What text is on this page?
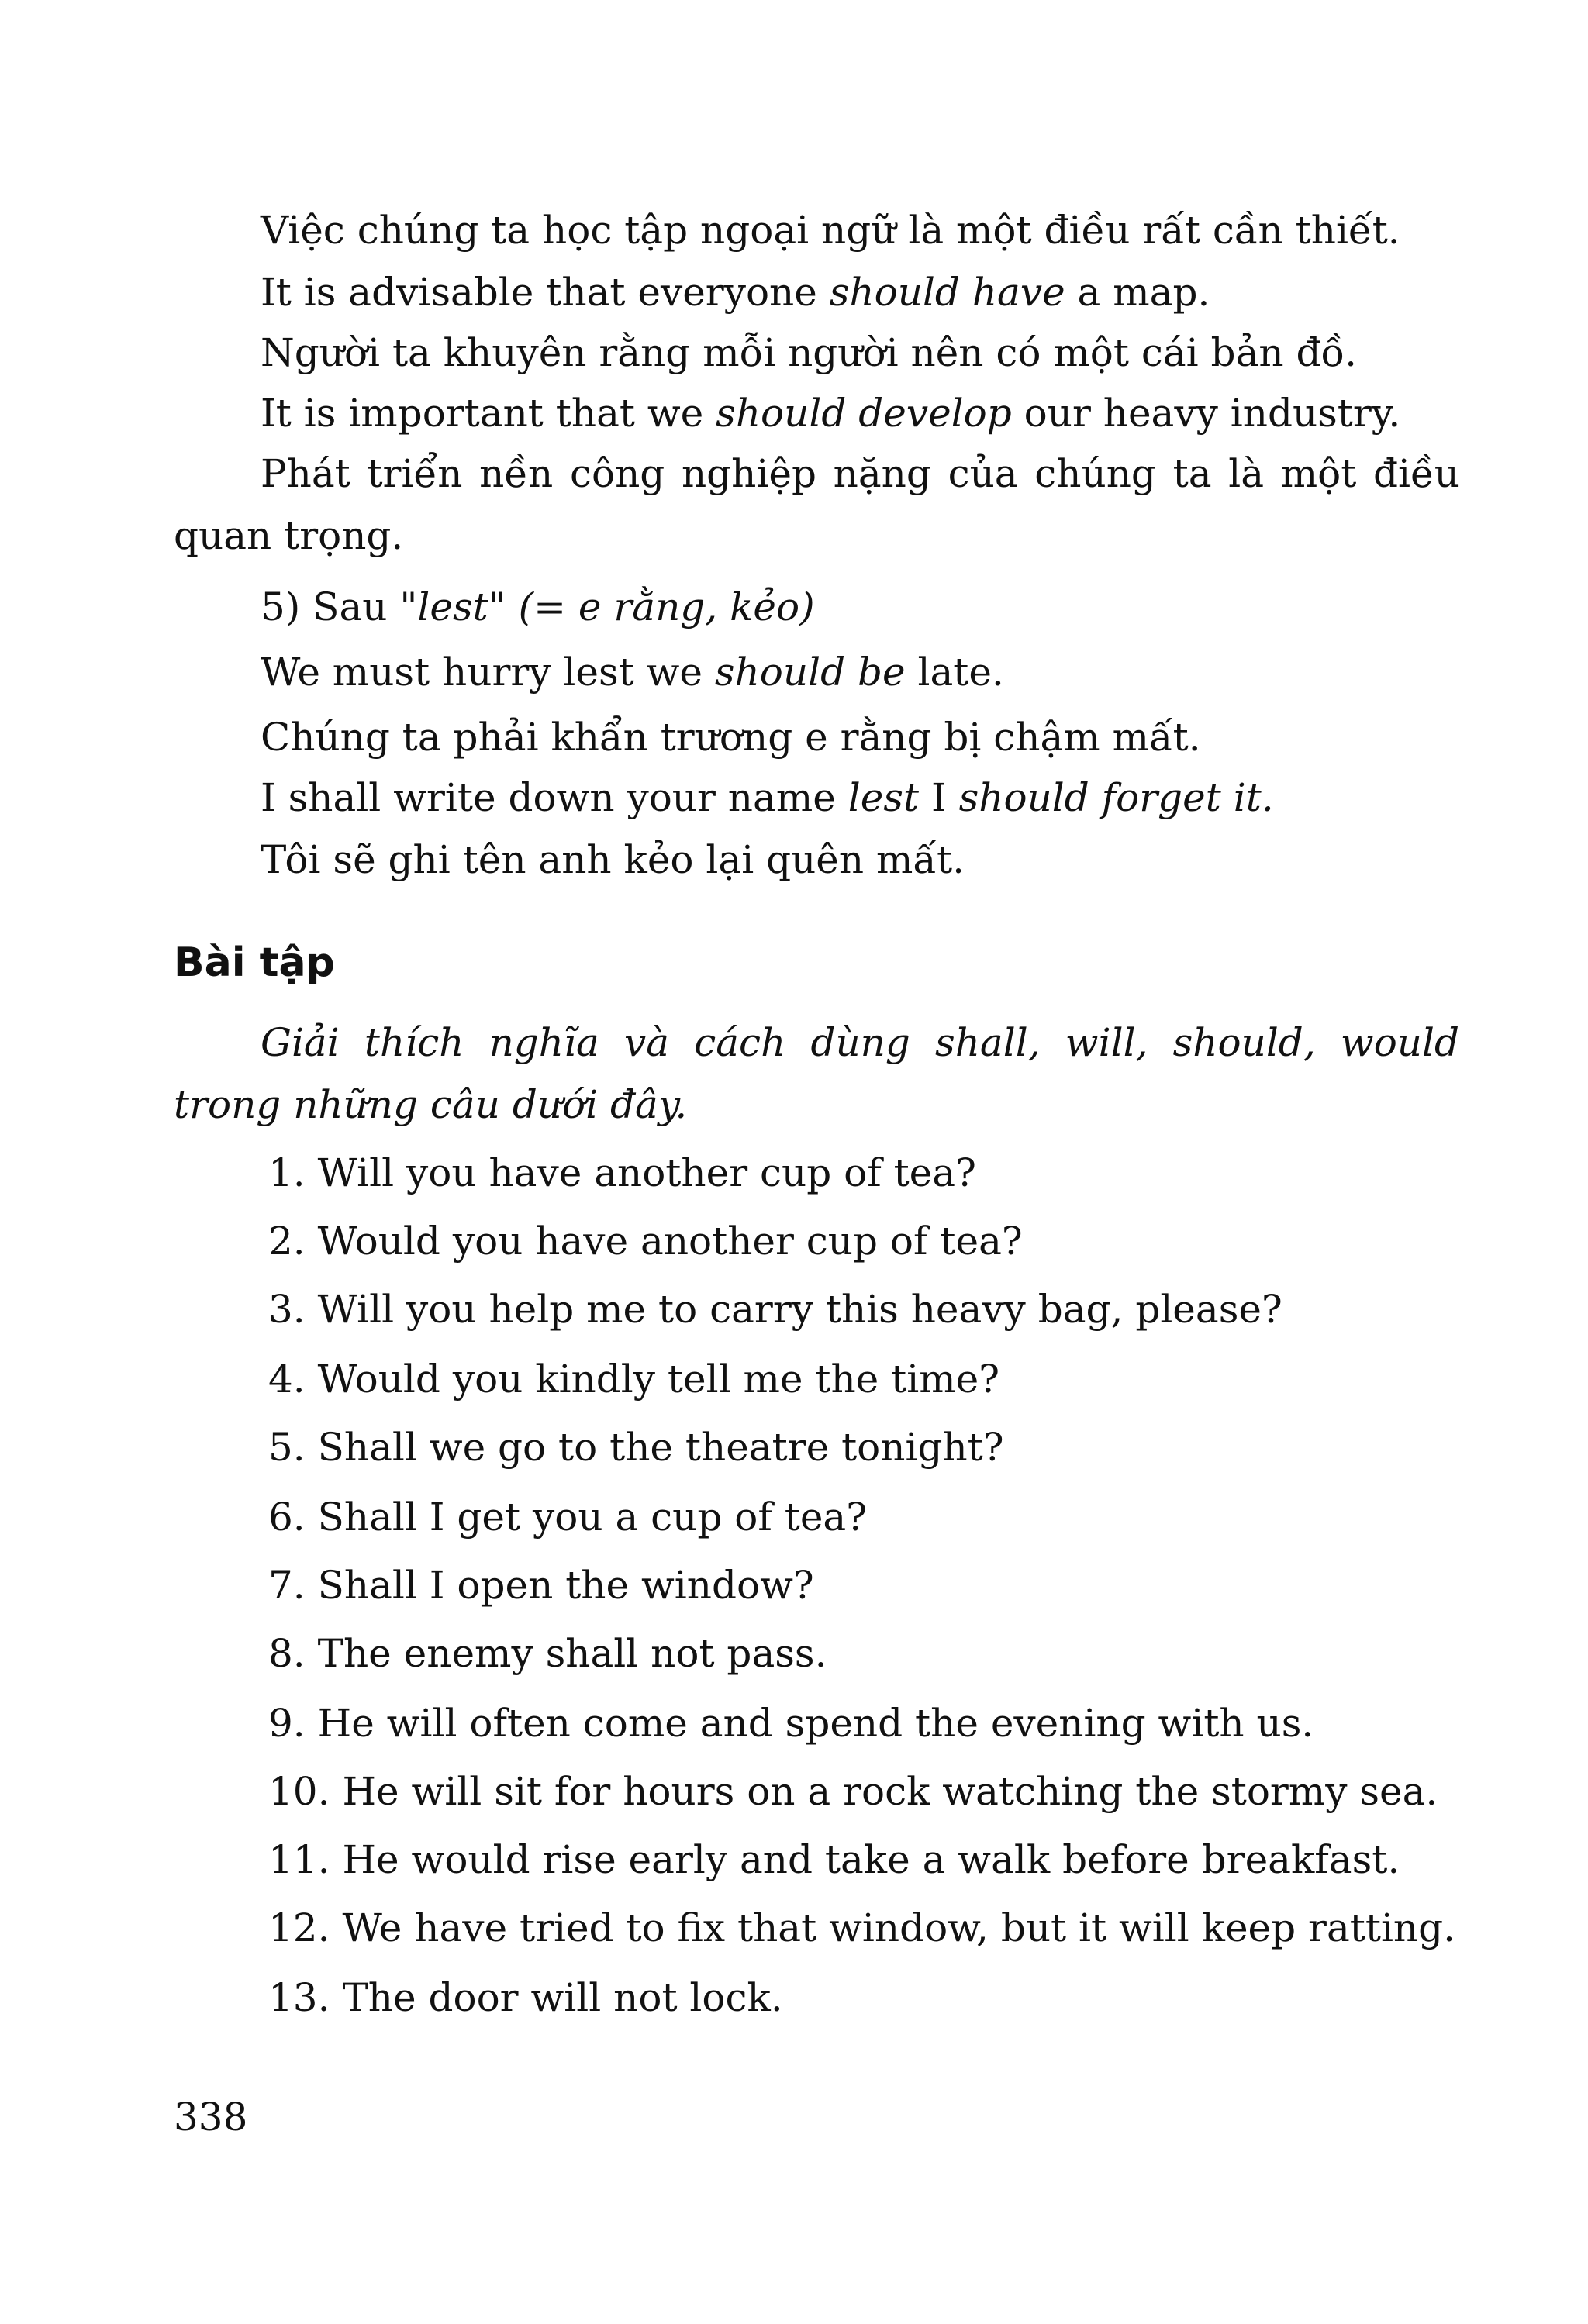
Việc chúng ta học tập ngoại ngữ là một điều rất cần thiết.
It is advisable that everyone should have a map.
Người ta khuyên rằng mỗi người nên có một cái bản đồ.
It is important that we should develop our heavy industry.
Phát triển nền công nghiệp nặng của chúng ta là một điều
quan trọng.
5) Sau "lest" (= e rằng, kẻo)
We must hurry lest we should be late.
Chúng ta phải khẩn trương e rằng bị chậm mất.
I shall write down your name lest I should forget it.
Tôi sẽ ghi tên anh kẻo lại quên mất.
Bài tập
Giải thích nghĩa và cách dùng shall, will, should, would
trong những câu dưới đây.
1. Will you have another cup of tea?
2. Would you have another cup of tea?
3. Will you help me to carry this heavy bag, please?
4. Would you kindly tell me the time?
5. Shall we go to the theatre tonight?
6. Shall I get you a cup of tea?
7. Shall I open the window?
8. The enemy shall not pass.
9. He will often come and spend the evening with us.
10. He will sit for hours on a rock watching the stormy sea.
11. He would rise early and take a walk before breakfast.
12. We have tried to fix that window, but it will keep ratting.
13. The door will not lock.
338
